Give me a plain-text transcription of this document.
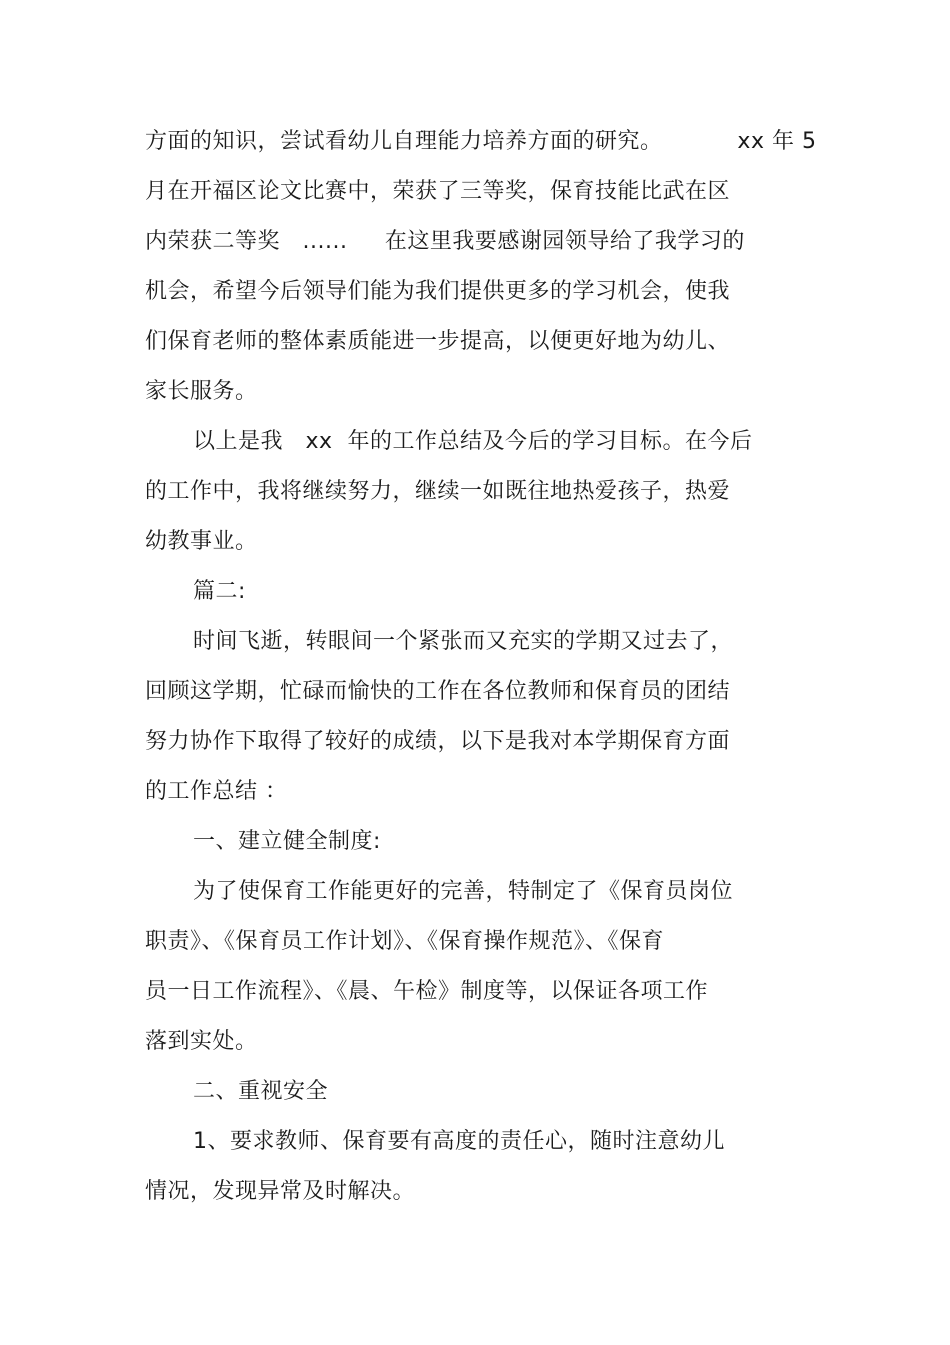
方面的知识，尝试看幼儿自理能力培养方面的研究。          xx 年 5

月在开福区论文比赛中，荣获了三等奖，保育技能比武在区

内荣获二等奖   ......     在这里我要感谢园领导给了我学习的

机会，希望今后领导们能为我们提供更多的学习机会，使我

们保育老师的整体素质能进一步提高，以便更好地为幼儿、

家长服务。

以上是我   xx  年的工作总结及今后的学习目标。在今后

的工作中，我将继续努力，继续一如既往地热爱孩子，热爱

幼教事业。

篇二:

时间飞逝，转眼间一个紧张而又充实的学期又过去了，

回顾这学期，忙碌而愉快的工作在各位教师和保育员的团结

努力协作下取得了较好的成绩，以下是我对本学期保育方面

的工作总结 ：

一、建立健全制度:

为了使保育工作能更好的完善，特制定了《保育员岗位

职责》、《保育员工作计划》、《保育操作规范》、《保育

员一日工作流程》、《晨、午检》制度等，以保证各项工作

落到实处。

二、重视安全

1、要求教师、保育要有高度的责任心，随时注意幼儿

情况，发现异常及时解决。
